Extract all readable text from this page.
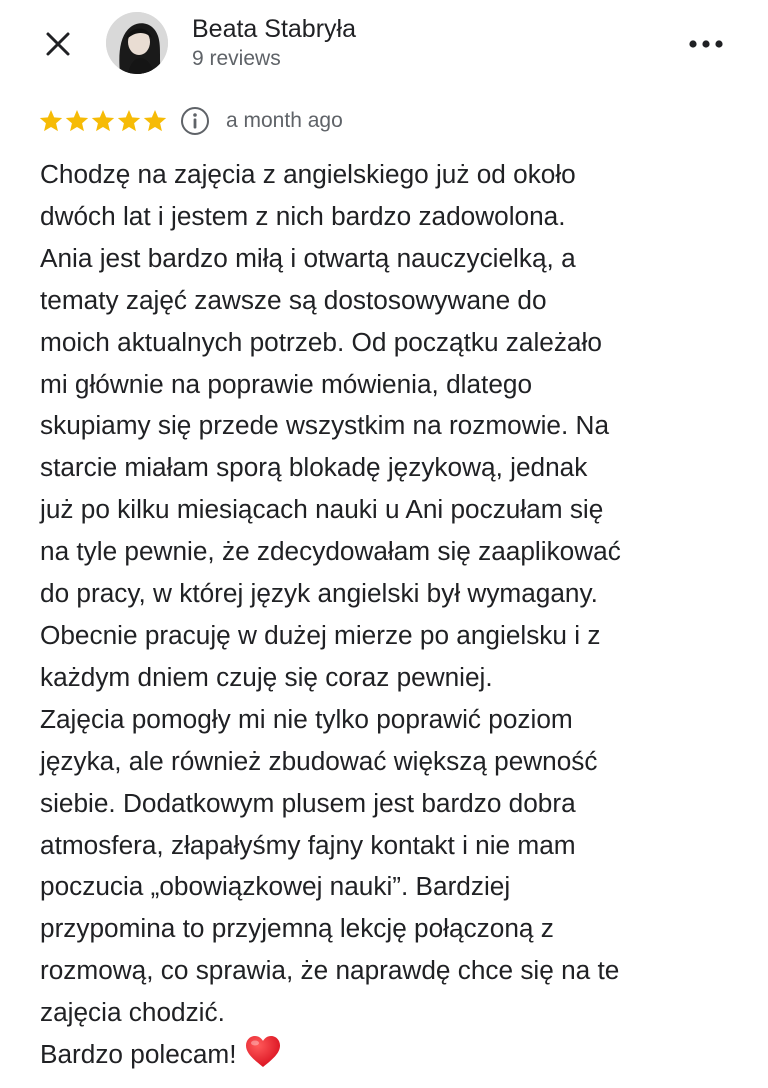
Beata Stabryła
9 reviews
a month ago
Chodzę na zajęcia z angielskiego już od około
dwóch lat i jestem z nich bardzo zadowolona.
Ania jest bardzo miłą i otwartą nauczycielką, a
tematy zajęć zawsze są dostosowywane do
moich aktualnych potrzeb. Od początku zależało
mi głównie na poprawie mówienia, dlatego
skupiamy się przede wszystkim na rozmowie. Na
starcie miałam sporą blokadę językową, jednak
już po kilku miesiącach nauki u Ani poczułam się
na tyle pewnie, że zdecydowałam się zaaplikować
do pracy, w której język angielski był wymagany.
Obecnie pracuję w dużej mierze po angielsku i z
każdym dniem czuję się coraz pewniej.
Zajęcia pomogły mi nie tylko poprawić poziom
języka, ale również zbudować większą pewność
siebie. Dodatkowym plusem jest bardzo dobra
atmosfera, złapałyśmy fajny kontakt i nie mam
poczucia „obowiązkowej nauki”. Bardziej
przypomina to przyjemną lekcję połączoną z
rozmową, co sprawia, że naprawdę chce się na te
zajęcia chodzić.
Bardzo polecam!
